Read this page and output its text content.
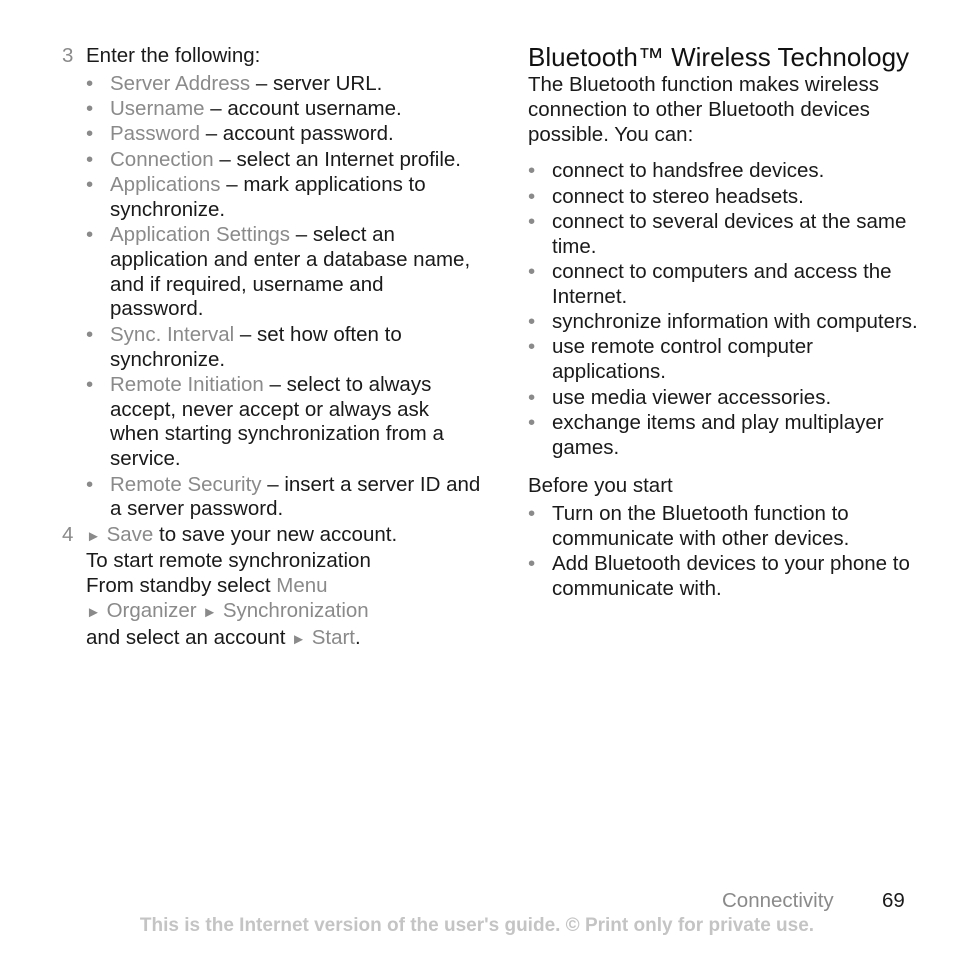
3 Enter the following:
• Server Address – server URL.
• Username – account username.
• Password – account password.
• Connection – select an Internet profile.
• Applications – mark applications to synchronize.
• Application Settings – select an application and enter a database name, and if required, username and password.
• Sync. Interval – set how often to synchronize.
• Remote Initiation – select to always accept, never accept or always ask when starting synchronization from a service.
• Remote Security – insert a server ID and a server password.
4 ► Save to save your new account.

To start remote synchronization

From standby select Menu

► Organizer ► Synchronization

and select an account ► Start.

Bluetooth™ Wireless Technology

The Bluetooth function makes wireless connection to other Bluetooth devices possible. You can:

• connect to handsfree devices.
• connect to stereo headsets.
• connect to several devices at the same time.
• connect to computers and access the Internet.
• synchronize information with computers.
• use remote control computer applications.
• use media viewer accessories.
• exchange items and play multiplayer games.

Before you start

• Turn on the Bluetooth function to communicate with other devices.
• Add Bluetooth devices to your phone to communicate with.
Connectivity 69
This is the Internet version of the user's guide. © Print only for private use.
